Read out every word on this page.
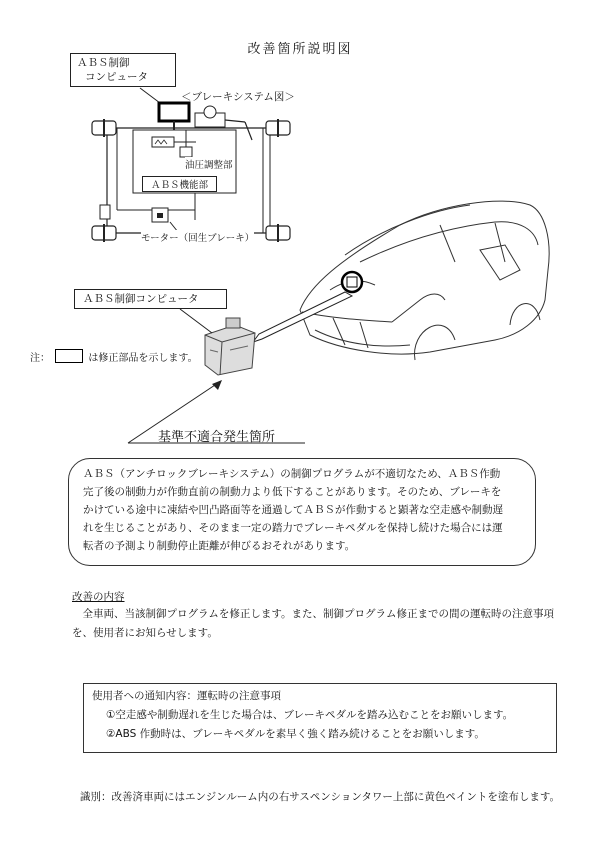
改善箇所説明図
ＡＢＳ制御
コンピュータ
＜ブレーキシステム図＞
油圧調整部
ＡＢＳ機能部
モーター（回生ブレーキ）
ＡＢＳ制御コンピュータ
注：	は修正部品を示します。
基準不適合発生箇所
ＡＢＳ（アンチロックブレーキシステム）の制御プログラムが不適切なため、ＡＢＳ作動
完了後の制動力が作動直前の制動力より低下することがあります。そのため、ブレーキを
かけている途中に凍結や凹凸路面等を通過してＡＢＳが作動すると顕著な空走感や制動遅
れを生じることがあり、そのまま一定の踏力でブレーキペダルを保持し続けた場合には運
転者の予測より制動停止距離が伸びるおそれがあります。
改善の内容
　全車両、当該制御プログラムを修正します。また、制御プログラム修正までの間の運転時の注意事項
を、使用者にお知らせします。
使用者への通知内容：運転時の注意事項
①空走感や制動遅れを生じた場合は、ブレーキペダルを踏み込むことをお願いします。
②ABS 作動時は、ブレーキペダルを素早く強く踏み続けることをお願いします。
識別：改善済車両にはエンジンルーム内の右サスペンションタワー上部に黄色ペイントを塗布します。
